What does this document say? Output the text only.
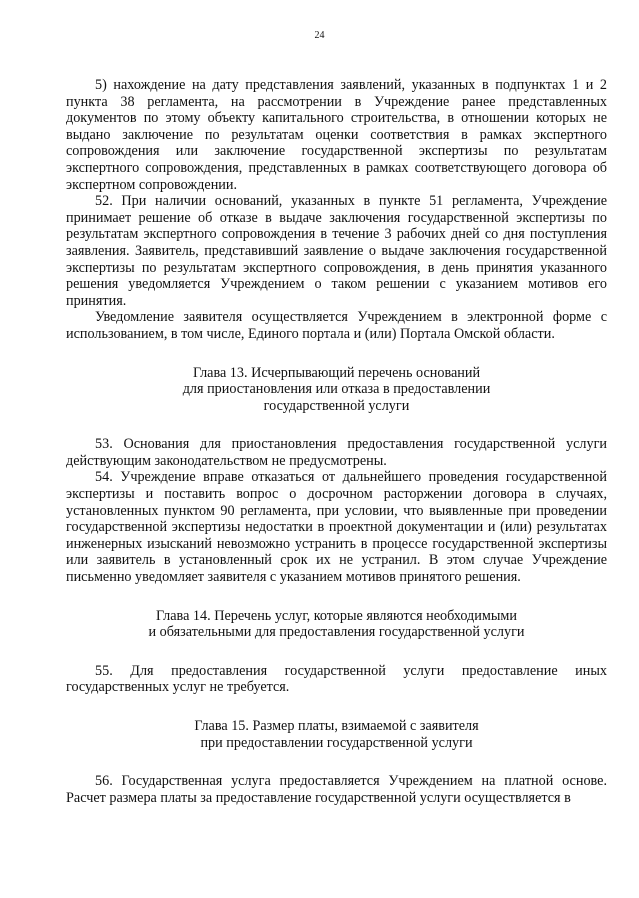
24

5) нахождение на дату представления заявлений, указанных в подпунктах 1 и 2 пункта 38 регламента, на рассмотрении в Учреждение ранее представленных документов по этому объекту капитального строительства, в отношении которых не выдано заключение по результатам оценки соответствия в рамках экспертного сопровождения или заключение государственной экспертизы по результатам экспертного сопровождения, представленных в рамках соответствующего договора об экспертном сопровождении.

52. При наличии оснований, указанных в пункте 51 регламента, Учреждение принимает решение об отказе в выдаче заключения государственной экспертизы по результатам экспертного сопровождения в течение 3 рабочих дней со дня поступления заявления. Заявитель, представивший заявление о выдаче заключения государственной экспертизы по результатам экспертного сопровождения, в день принятия указанного решения уведомляется Учреждением о таком решении с указанием мотивов его принятия.

Уведомление заявителя осуществляется Учреждением в электронной форме с использованием, в том числе, Единого портала и (или) Портала Омской области.

Глава 13. Исчерпывающий перечень оснований
для приостановления или отказа в предоставлении
государственной услуги

53. Основания для приостановления предоставления государственной услуги действующим законодательством не предусмотрены.

54. Учреждение вправе отказаться от дальнейшего проведения государственной экспертизы и поставить вопрос о досрочном расторжении договора в случаях, установленных пунктом 90 регламента, при условии, что выявленные при проведении государственной экспертизы недостатки в проектной документации и (или) результатах инженерных изысканий невозможно устранить в процессе государственной экспертизы или заявитель в установленный срок их не устранил. В этом случае Учреждение письменно уведомляет заявителя с указанием мотивов принятого решения.

Глава 14. Перечень услуг, которые являются необходимыми
и обязательными для предоставления государственной услуги

55. Для предоставления государственной услуги предоставление иных государственных услуг не требуется.

Глава 15. Размер платы, взимаемой с заявителя
при предоставлении государственной услуги

56. Государственная услуга предоставляется Учреждением на платной основе. Расчет размера платы за предоставление государственной услуги осуществляется в
